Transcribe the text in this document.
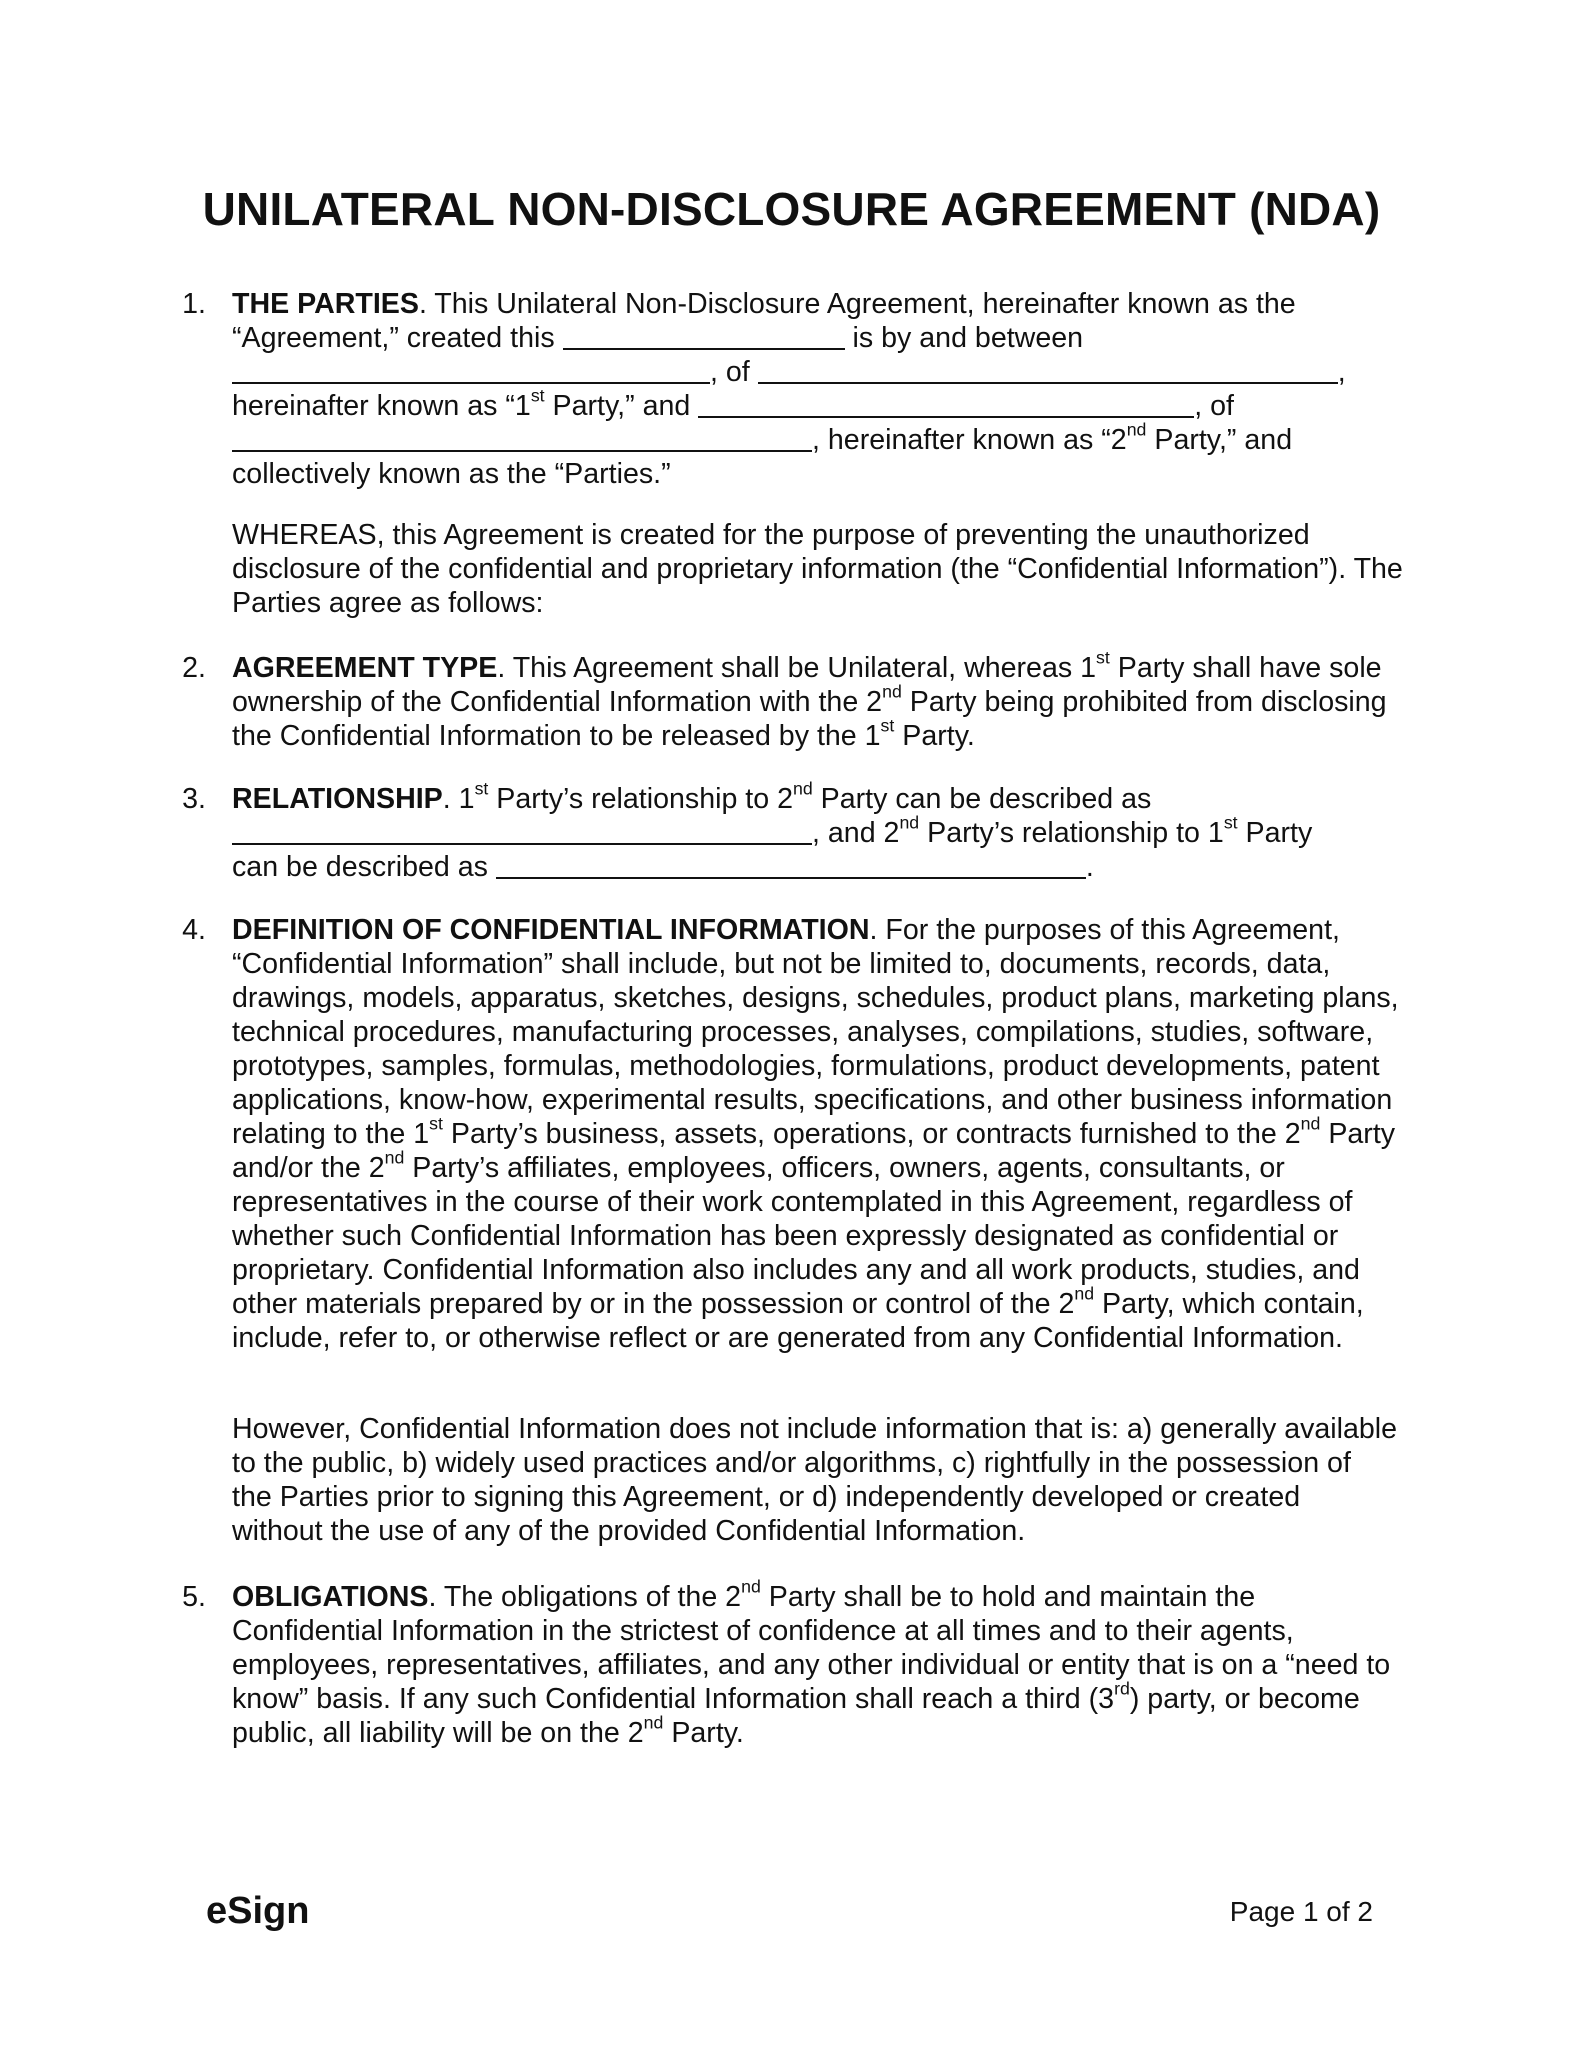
UNILATERAL NON-DISCLOSURE AGREEMENT (NDA)
1. THE PARTIES. This Unilateral Non-Disclosure Agreement, hereinafter known as the

“Agreement,” created this	is by and between

, of	,

hereinafter known as “1st Party,” and	, of

, hereinafter known as “2nd Party,” and

collectively known as the “Parties.”

WHEREAS, this Agreement is created for the purpose of preventing the unauthorized disclosure of the confidential and proprietary information (the “Confidential Information”). The Parties agree as follows:
2. AGREEMENT TYPE. This Agreement shall be Unilateral, whereas 1st Party shall have sole ownership of the Confidential Information with the 2nd Party being prohibited from disclosing the Confidential Information to be released by the 1st Party.

3. RELATIONSHIP. 1st Party’s relationship to 2nd Party can be described as

, and 2nd Party’s relationship to 1st Party

can be described as	.

4. DEFINITION OF CONFIDENTIAL INFORMATION. For the purposes of this Agreement, “Confidential Information” shall include, but not be limited to, documents, records, data, drawings, models, apparatus, sketches, designs, schedules, product plans, marketing plans, technical procedures, manufacturing processes, analyses, compilations, studies, software, prototypes, samples, formulas, methodologies, formulations, product developments, patent applications, know-how, experimental results, specifications, and other business information relating to the 1st Party’s business, assets, operations, or contracts furnished to the 2nd Party and/or the 2nd Party’s affiliates, employees, officers, owners, agents, consultants, or representatives in the course of their work contemplated in this Agreement, regardless of whether such Confidential Information has been expressly designated as confidential or proprietary. Confidential Information also includes any and all work products, studies, and other materials prepared by or in the possession or control of the 2nd Party, which contain, include, refer to, or otherwise reflect or are generated from any Confidential Information.

However, Confidential Information does not include information that is: a) generally available to the public, b) widely used practices and/or algorithms, c) rightfully in the possession of the Parties prior to signing this Agreement, or d) independently developed or created without the use of any of the provided Confidential Information.
5. OBLIGATIONS. The obligations of the 2nd Party shall be to hold and maintain the Confidential Information in the strictest of confidence at all times and to their agents, employees, representatives, affiliates, and any other individual or entity that is on a “need to know” basis. If any such Confidential Information shall reach a third (3rd) party, or become public, all liability will be on the 2nd Party.

eSign	Page 1 of 2
